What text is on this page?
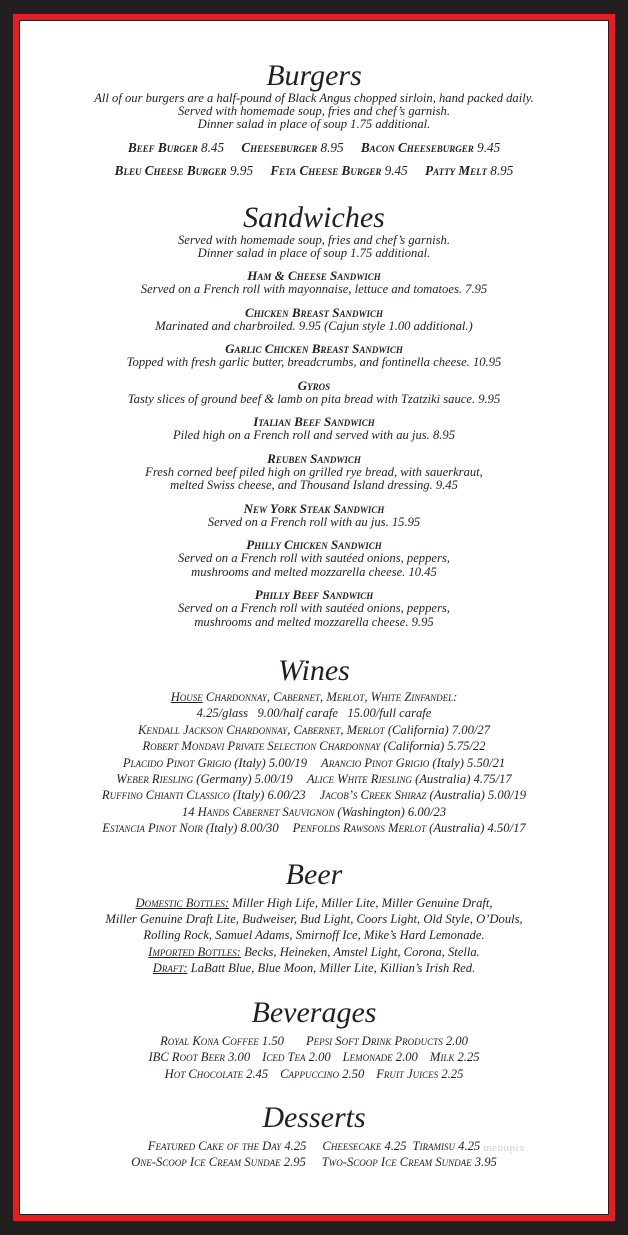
Burgers

All of our burgers are a half-pound of Black Angus chopped sirloin, hand packed daily.

Served with homemade soup, fries and chef’s garnish.

Dinner salad in place of soup 1.75 additional.

Beef Burger 8.45 Cheeseburger 8.95 Bacon Cheeseburger 9.45

Bleu Cheese Burger 9.95 Feta Cheese Burger 9.45 Patty Melt 8.95

Sandwiches

Served with homemade soup, fries and chef’s garnish.

Dinner salad in place of soup 1.75 additional.

Ham & Cheese Sandwich

Served on a French roll with mayonnaise, lettuce and tomatoes. 7.95

Chicken Breast Sandwich

Marinated and charbroiled. 9.95 (Cajun style 1.00 additional.)

Garlic Chicken Breast Sandwich

Topped with fresh garlic butter, breadcrumbs, and fontinella cheese. 10.95

Gyros

Tasty slices of ground beef & lamb on pita bread with Tzatziki sauce. 9.95

Italian Beef Sandwich

Piled high on a French roll and served with au jus. 8.95

Reuben Sandwich

Fresh corned beef piled high on grilled rye bread, with sauerkraut,

melted Swiss cheese, and Thousand Island dressing. 9.45

New York Steak Sandwich

Served on a French roll with au jus. 15.95

Philly Chicken Sandwich

Served on a French roll with sautéed onions, peppers,

mushrooms and melted mozzarella cheese. 10.45

Philly Beef Sandwich

Served on a French roll with sautéed onions, peppers,

mushrooms and melted mozzarella cheese. 9.95

Wines

House Chardonnay, Cabernet, Merlot, White Zinfandel:

4.25/glass   9.00/half carafe   15.00/full carafe

Kendall Jackson Chardonnay, Cabernet, Merlot (California) 7.00/27

Robert Mondavi Private Selection Chardonnay (California) 5.75/22

Placido Pinot Grigio (Italy) 5.00/19 Arancio Pinot Grigio (Italy) 5.50/21

Weber Riesling (Germany) 5.00/19 Alice White Riesling (Australia) 4.75/17

Ruffino Chianti Classico (Italy) 6.00/23 Jacob’s Creek Shiraz (Australia) 5.00/19

14 Hands Cabernet Sauvignon (Washington) 6.00/23

Estancia Pinot Noir (Italy) 8.00/30 Penfolds Rawsons Merlot (Australia) 4.50/17

Beer

Domestic Bottles: Miller High Life, Miller Lite, Miller Genuine Draft,

Miller Genuine Draft Lite, Budweiser, Bud Light, Coors Light, Old Style, O’Douls,

Rolling Rock, Samuel Adams, Smirnoff Ice, Mike’s Hard Lemonade.

Imported Bottles: Becks, Heineken, Amstel Light, Corona, Stella.

Draft: LaBatt Blue, Blue Moon, Miller Lite, Killian’s Irish Red.

Beverages

Royal Kona Coffee 1.50 Pepsi Soft Drink Products 2.00

IBC Root Beer 3.00 Iced Tea 2.00 Lemonade 2.00 Milk 2.25

Hot Chocolate 2.45 Cappuccino 2.50 Fruit Juices 2.25

Desserts

Featured Cake of the Day 4.25 Cheesecake 4.25 Tiramisu 4.25

One-Scoop Ice Cream Sundae 2.95 Two-Scoop Ice Cream Sundae 3.95

menupix
